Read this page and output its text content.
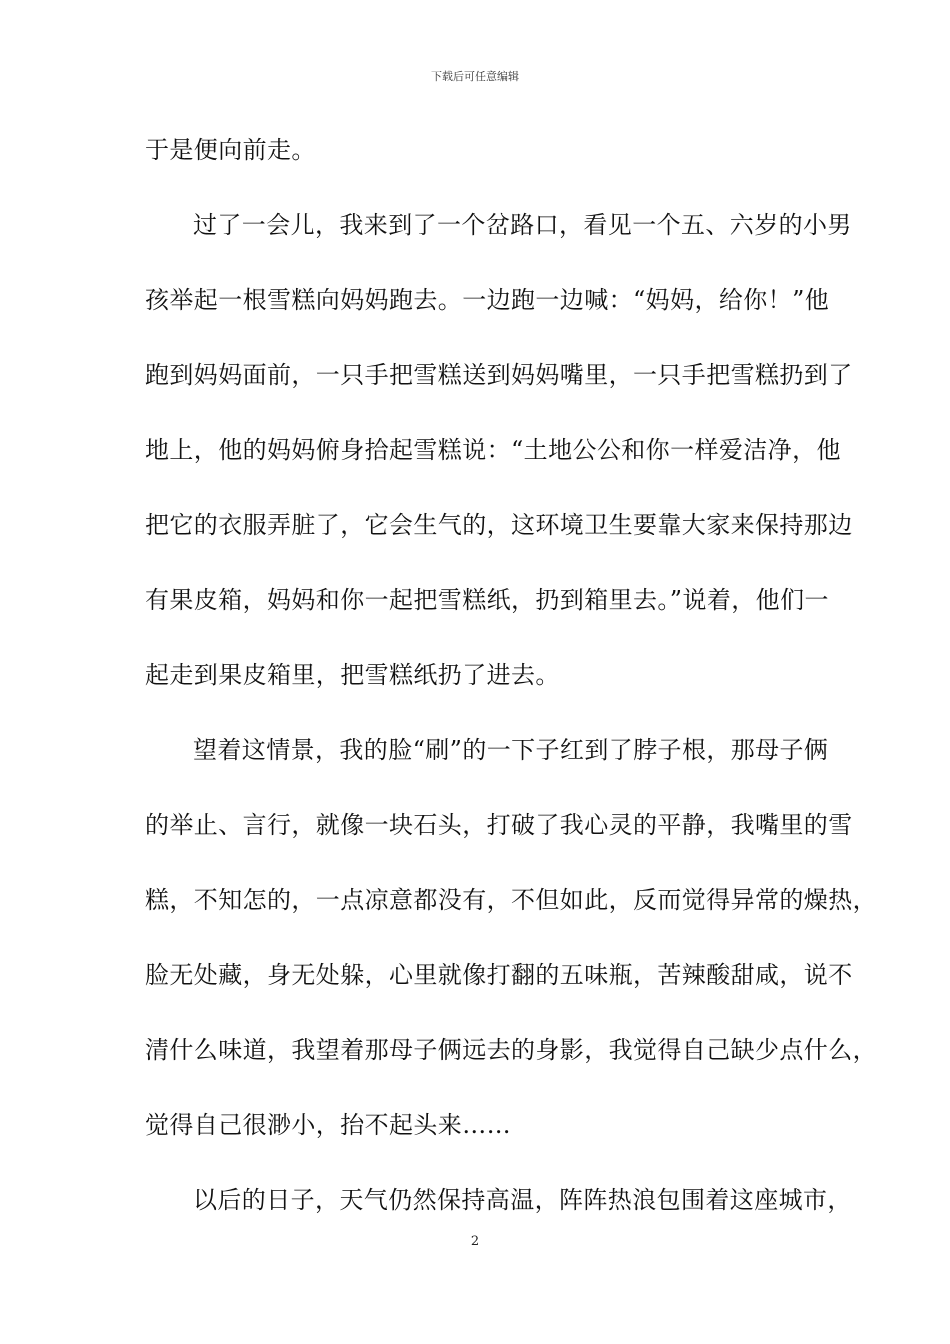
下载后可任意编辑
于是便向前走。
过了一会儿，我来到了一个岔路口，看见一个五、六岁的小男
孩举起一根雪糕向妈妈跑去。一边跑一边喊：“妈妈，给你！”他
跑到妈妈面前，一只手把雪糕送到妈妈嘴里，一只手把雪糕扔到了
地上，他的妈妈俯身拾起雪糕说：“土地公公和你一样爱洁净，他
把它的衣服弄脏了，它会生气的，这环境卫生要靠大家来保持那边
有果皮箱，妈妈和你一起把雪糕纸，扔到箱里去。”说着，他们一
起走到果皮箱里，把雪糕纸扔了进去。
望着这情景，我的脸“刷”的一下子红到了脖子根，那母子俩
的举止、言行，就像一块石头，打破了我心灵的平静，我嘴里的雪
糕，不知怎的，一点凉意都没有，不但如此，反而觉得异常的燥热，
脸无处藏，身无处躲，心里就像打翻的五味瓶，苦辣酸甜咸，说不
清什么味道，我望着那母子俩远去的身影，我觉得自己缺少点什么，
觉得自己很渺小，抬不起头来……
以后的日子，天气仍然保持高温，阵阵热浪包围着这座城市，
2
